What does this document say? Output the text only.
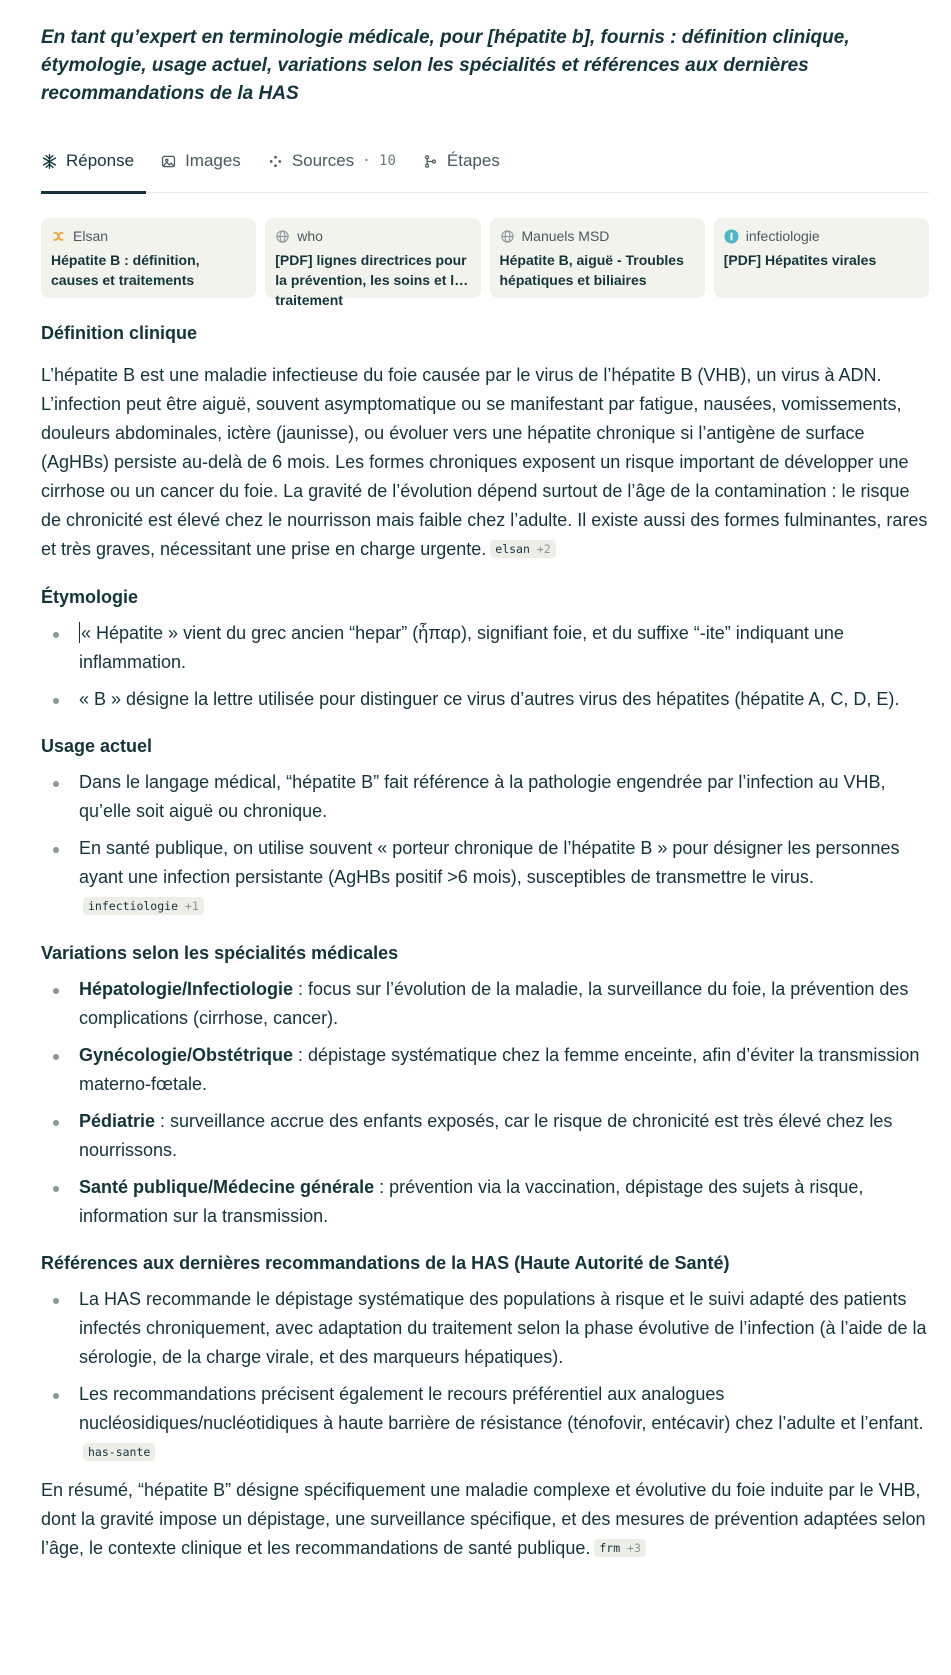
En tant qu’expert en terminologie médicale, pour [hépatite b], fournis : définition clinique, étymologie, usage actuel, variations selon les spécialités et références aux dernières recommandations de la HAS
Réponse	Images	Sources · 10	Étapes
Elsan
Hépatite B : définition, causes et traitements
who
[PDF] lignes directrices pour la prévention, les soins et le traitement
Manuels MSD
Hépatite B, aiguë - Troubles hépatiques et biliaires
infectiologie
[PDF] Hépatites virales
Définition clinique

L’hépatite B est une maladie infectieuse du foie causée par le virus de l’hépatite B (VHB), un virus à ADN. L’infection peut être aiguë, souvent asymptomatique ou se manifestant par fatigue, nausées, vomissements, douleurs abdominales, ictère (jaunisse), ou évoluer vers une hépatite chronique si l’antigène de surface (AgHBs) persiste au-delà de 6 mois. Les formes chroniques exposent un risque important de développer une cirrhose ou un cancer du foie. La gravité de l’évolution dépend surtout de l’âge de la contamination : le risque de chronicité est élevé chez le nourrisson mais faible chez l’adulte. Il existe aussi des formes fulminantes, rares et très graves, nécessitant une prise en charge urgente. elsan +2

Étymologie
« Hépatite » vient du grec ancien “hepar” (ἧπαρ), signifiant foie, et du suffixe “-ite” indiquant une inflammation.
« B » désigne la lettre utilisée pour distinguer ce virus d’autres virus des hépatites (hépatite A, C, D, E).
Usage actuel
Dans le langage médical, “hépatite B” fait référence à la pathologie engendrée par l’infection au VHB, qu’elle soit aiguë ou chronique.
En santé publique, on utilise souvent « porteur chronique de l’hépatite B » pour désigner les personnes ayant une infection persistante (AgHBs positif >6 mois), susceptibles de transmettre le virus.infectiologie +1
Variations selon les spécialités médicales
Hépatologie/Infectiologie : focus sur l’évolution de la maladie, la surveillance du foie, la prévention des complications (cirrhose, cancer).
Gynécologie/Obstétrique : dépistage systématique chez la femme enceinte, afin d’éviter la transmission materno-fœtale.
Pédiatrie : surveillance accrue des enfants exposés, car le risque de chronicité est très élevé chez les nourrissons.
Santé publique/Médecine générale : prévention via la vaccination, dépistage des sujets à risque, information sur la transmission.
Références aux dernières recommandations de la HAS (Haute Autorité de Santé)
La HAS recommande le dépistage systématique des populations à risque et le suivi adapté des patients infectés chroniquement, avec adaptation du traitement selon la phase évolutive de l’infection (à l’aide de la sérologie, de la charge virale, et des marqueurs hépatiques).
Les recommandations précisent également le recours préférentiel aux analogues nucléosidiques/nucléotidiques à haute barrière de résistance (ténofovir, entécavir) chez l’adulte et l’enfant.has-sante

En résumé, “hépatite B” désigne spécifiquement une maladie complexe et évolutive du foie induite par le VHB, dont la gravité impose un dépistage, une surveillance spécifique, et des mesures de prévention adaptées selon l’âge, le contexte clinique et les recommandations de santé publique. frm +3
